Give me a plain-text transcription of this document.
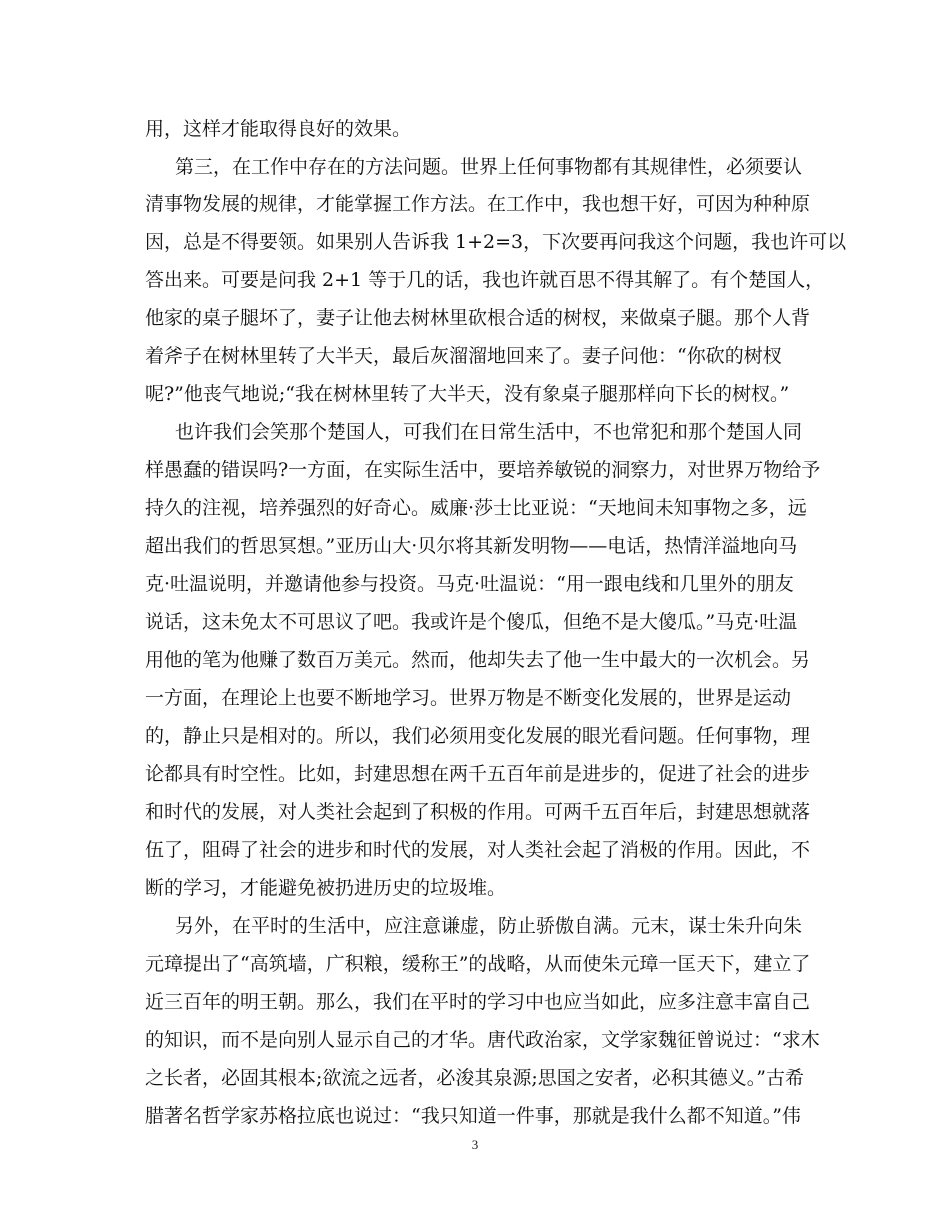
用，这样才能取得良好的效果。
第三，在工作中存在的方法问题。世界上任何事物都有其规律性，必须要认
清事物发展的规律，才能掌握工作方法。在工作中，我也想干好，可因为种种原
因，总是不得要领。如果别人告诉我 1+2=3，下次要再问我这个问题，我也许可以
答出来。可要是问我 2+1 等于几的话，我也许就百思不得其解了。有个楚国人，
他家的桌子腿坏了，妻子让他去树林里砍根合适的树杈，来做桌子腿。那个人背
着斧子在树林里转了大半天，最后灰溜溜地回来了。妻子问他：“你砍的树杈
呢?”他丧气地说;“我在树林里转了大半天，没有象桌子腿那样向下长的树杈。”
也许我们会笑那个楚国人，可我们在日常生活中，不也常犯和那个楚国人同
样愚蠢的错误吗?一方面，在实际生活中，要培养敏锐的洞察力，对世界万物给予
持久的注视，培养强烈的好奇心。威廉·莎士比亚说：“天地间未知事物之多，远
超出我们的哲思冥想。”亚历山大·贝尔将其新发明物——电话，热情洋溢地向马
克·吐温说明，并邀请他参与投资。马克·吐温说：“用一跟电线和几里外的朋友
说话，这未免太不可思议了吧。我或许是个傻瓜，但绝不是大傻瓜。”马克·吐温
用他的笔为他赚了数百万美元。然而，他却失去了他一生中最大的一次机会。另
一方面，在理论上也要不断地学习。世界万物是不断变化发展的，世界是运动
的，静止只是相对的。所以，我们必须用变化发展的眼光看问题。任何事物，理
论都具有时空性。比如，封建思想在两千五百年前是进步的，促进了社会的进步
和时代的发展，对人类社会起到了积极的作用。可两千五百年后，封建思想就落
伍了，阻碍了社会的进步和时代的发展，对人类社会起了消极的作用。因此，不
断的学习，才能避免被扔进历史的垃圾堆。
另外，在平时的生活中，应注意谦虚，防止骄傲自满。元末，谋士朱升向朱
元璋提出了“高筑墙，广积粮，缓称王”的战略，从而使朱元璋一匡天下，建立了
近三百年的明王朝。那么，我们在平时的学习中也应当如此，应多注意丰富自己
的知识，而不是向别人显示自己的才华。唐代政治家，文学家魏征曾说过：“求木
之长者，必固其根本;欲流之远者，必浚其泉源;思国之安者，必积其德义。”古希
腊著名哲学家苏格拉底也说过：“我只知道一件事，那就是我什么都不知道。”伟
3
